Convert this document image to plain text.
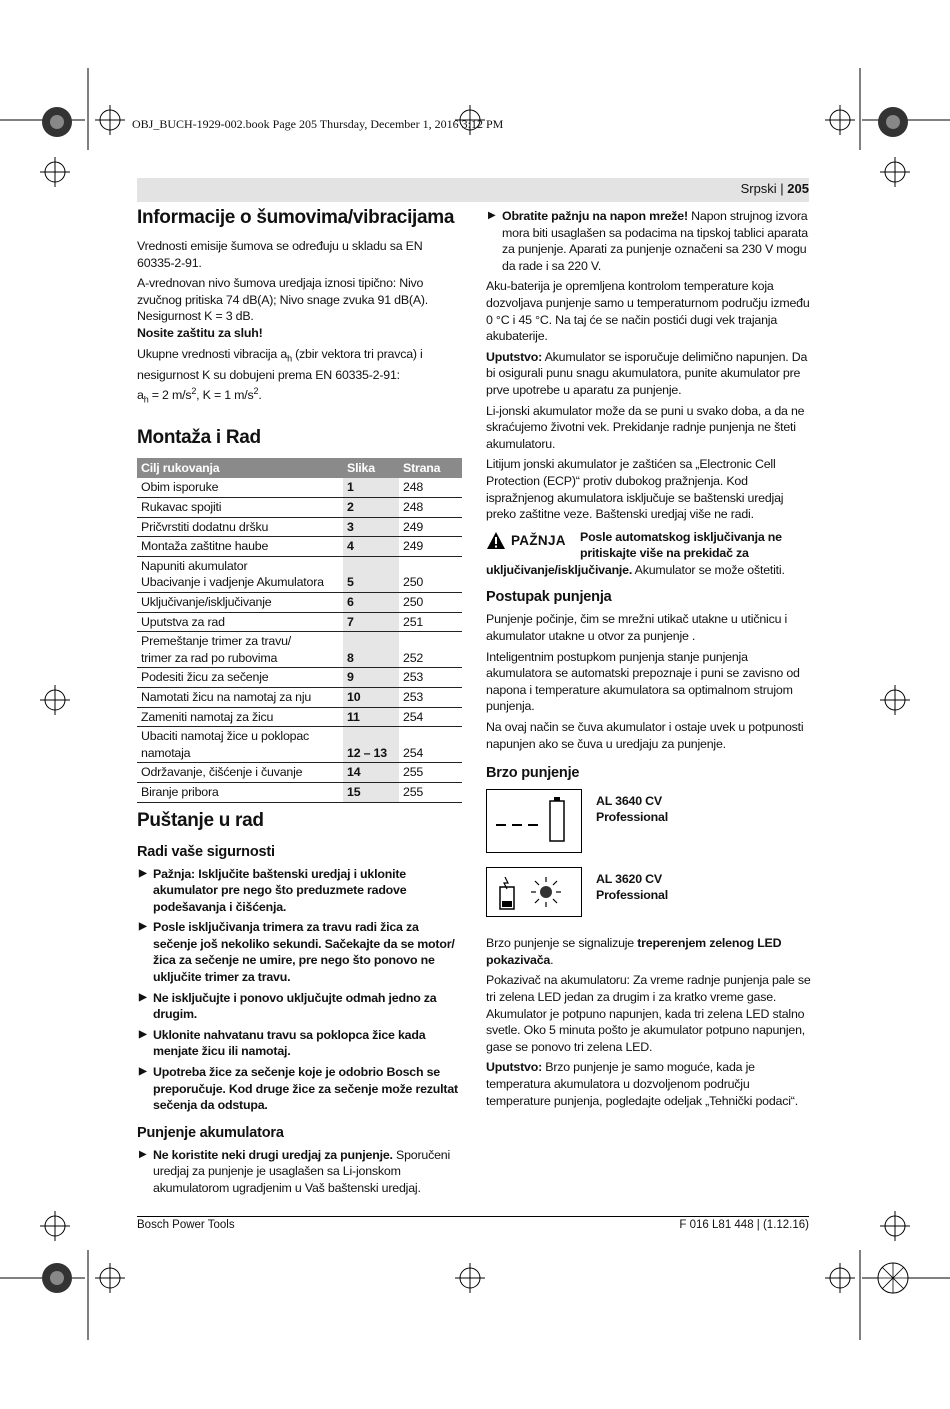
OBJ_BUCH-1929-002.book Page 205 Thursday, December 1, 2016 3:12 PM
Srpski | 205
Informacije o šumovima/vibracijama

Vrednosti emisije šumova se određuju u skladu sa EN 60335-2-91.

A-vrednovan nivo šumova uredjaja iznosi tipično: Nivo zvučnog pritiska 74 dB(A); Nivo snage zvuka 91 dB(A). Nesigurnost K = 3 dB.

Nosite zaštitu za sluh!

Ukupne vrednosti vibracija $a_h$ (zbir vektora tri pravca) i nesigurnost K su dobujeni prema EN 60335-2-91:
$a_h = 2$ $m/s^2$, K = 1 $m/s^2$.

Montaža i Rad
Cilj rukovanja	Slika	Strana
Obim isporuke	1	248
Rukavac spojiti	2	248
Pričvrstiti dodatnu dršku	3	249
Montaža zaštitne haube	4	249
Napuniti akumulator
Ubacivanje i vadjenje Akumulatora	5	250
Uključivanje/isključivanje	6	250
Uputstva za rad	7	251
Premeštanje trimer za travu/
trimer za rad po rubovima	8	252
Podesiti žicu za sečenje	9	253
Namotati žicu na namotaj za nju	10	253
Zameniti namotaj za žicu	11	254
Ubaciti namotaj žice u poklopac
namotaja	12 – 13	254
Održavanje, čišćenje i čuvanje	14	255
Biranje pribora	15	255
Puštanje u rad
Radi vaše sigurnosti
▶ Pažnja: Isključite baštenski uredjaj i uklonite akumulator pre nego što preduzmete radove podešavanja i čišćenja.
▶ Posle isključivanja trimera za travu radi žica za sečenje još nekoliko sekundi. Sačekajte da se motor/žica za sečenje ne umire, pre nego što ponovo ne uključite trimer za travu.
▶ Ne isključujte i ponovo uključujte odmah jedno za drugim.
▶ Uklonite nahvatanu travu sa poklopca žice kada menjate žicu ili namotaj.
▶ Upotreba žice za sečenje koje je odobrio Bosch se preporučuje. Kod druge žice za sečenje može rezultat sečenja da odstupa.
Punjenje akumulatora
▶ Ne koristite neki drugi uredjaj za punjenje. Sporučeni uredjaj za punjenje je usaglašen sa Li-jonskom akumulatorom ugradjenim u Vaš baštenski uredjaj.
▶ Obratite pažnju na napon mreže! Napon strujnog izvora mora biti usaglašen sa podacima na tipskoj tablici aparata za punjenje. Aparati za punjenje označeni sa 230 V mogu da rade i sa 220 V.

Aku-baterija je opremljena kontrolom temperature koja dozvoljava punjenje samo u temperaturnom području između 0 °C i 45 °C. Na taj će se način postići dugi vek trajanja akubaterije.

Uputstvo: Akumulator se isporučuje delimično napunjen. Da bi osigurali punu snagu akumulatora, punite akumulator pre prve upotrebe u aparatu za punjenje.

Li-jonski akumulator može da se puni u svako doba, a da ne skraćujemo životni vek. Prekidanje radnje punjenja ne šteti akumulatoru.

Litijum jonski akumulator je zaštićen sa „Electronic Cell Protection (ECP)“ protiv dubokog pražnjenja. Kod ispražnjenog akumulatora isključuje se baštenski uredjaj preko zaštitne veze. Baštenski uredjaj više ne radi.

Posle automatskog isključivanja ne pritiskajte više na prekidač za uključivanje/isključivanje. Akumulator se može oštetiti.

Postupak punjenja

Punjenje počinje, čim se mrežni utikač utakne u utičnicu i akumulator utakne u otvor za punjenje .

Inteligentnim postupkom punjenja stanje punjenja akumulatora se automatski prepoznaje i puni se zavisno od napona i temperature akumulatora sa optimalnom strujom punjenja.

Na ovaj način se čuva akumulator i ostaje uvek u potpunosti napunjen ako se čuva u uredjaju za punjenje.

Brzo punjenje
AL 3640 CV
Professional
AL 3620 CV
Professional

Brzo punjenje se signalizuje treperenjem zelenog LED pokazivača.

Pokazivač na akumulatoru: Za vreme radnje punjenja pale se tri zelena LED jedan za drugim i za kratko vreme gase. Akumulator je potpuno napunjen, kada tri zelena LED stalno svetle. Oko 5 minuta pošto je akumulator potpuno napunjen, gase se ponovo tri zelena LED.

Uputstvo: Brzo punjenje je samo moguće, kada je temperatura akumulatora u dozvoljenom području temperature punjenja, pogledajte odeljak „Tehnički podaci“.

PAŽNJA
Bosch Power Tools	F 016 L81 448 | (1.12.16)
